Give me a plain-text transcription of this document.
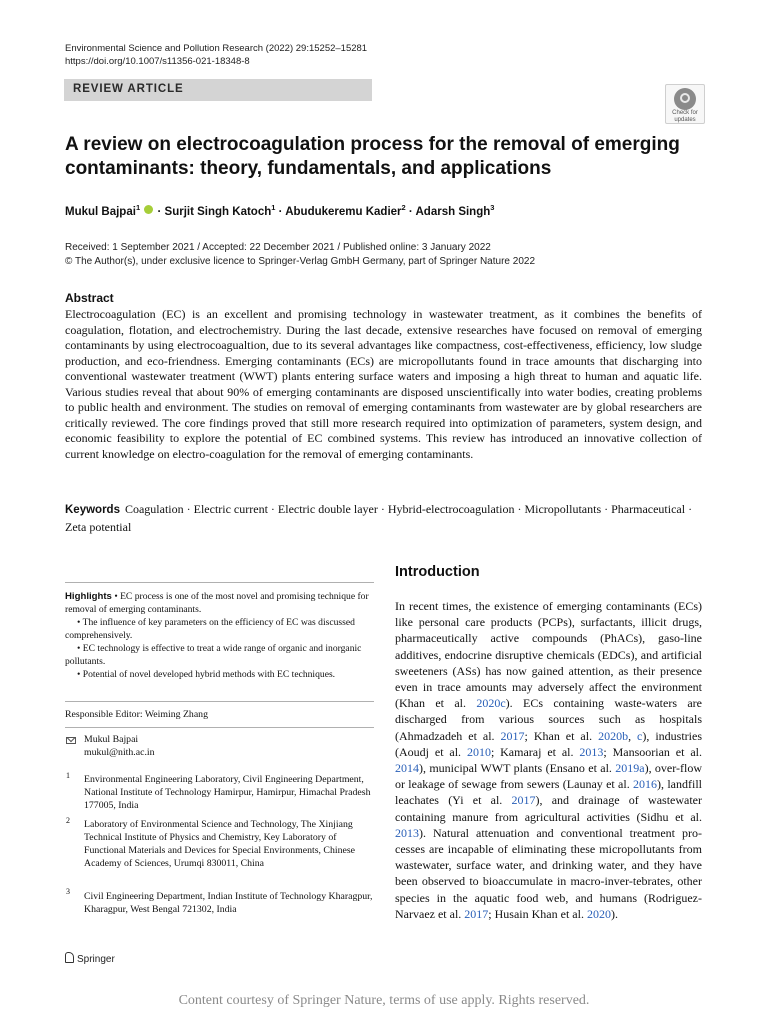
Environmental Science and Pollution Research (2022) 29:15252–15281
https://doi.org/10.1007/s11356-021-18348-8
REVIEW ARTICLE
Check for
updates
A review on electrocoagulation process for the removal of emerging
contaminants: theory, fundamentals, and applications
Mukul Bajpai$^1$  · Surjit Singh Katoch$^1$ · Abudukeremu Kadier$^2$ · Adarsh Singh$^3$
Received: 1 September 2021 / Accepted: 22 December 2021 / Published online: 3 January 2022
© The Author(s), under exclusive licence to Springer-Verlag GmbH Germany, part of Springer Nature 2022
Abstract
Electrocoagulation (EC) is an excellent and promising technology in wastewater treatment, as it combines the benefits of coagulation, flotation, and electrochemistry. During the last decade, extensive researches have focused on removal of emerging contaminants by using electrocoagualtion, due to its several advantages like compactness, cost-effectiveness, efficiency, low sludge production, and eco-friendness. Emerging contaminants (ECs) are micropollutants found in trace amounts that discharging into conventional wastewater treatment (WWT) plants entering surface waters and imposing a high threat to human and aquatic life. Various studies reveal that about 90% of emerging contaminants are disposed unscientifically into water bodies, creating problems to public health and environment. The studies on removal of emerging contaminants from wastewater are by global researchers are critically reviewed. The core findings proved that still more research required into optimization of parameters, system design, and economic feasibility to explore the potential of EC combined systems. This review has introduced an innovative collection of current knowledge on electro-coagulation for the removal of emerging contaminants.
Keywords Coagulation · Electric current · Electric double layer · Hybrid-electrocoagulation · Micropollutants · Pharmaceutical · Zeta potential

Highlights • EC process is one of the most novel and promising technique for removal of emerging contaminants.

• The influence of key parameters on the efficiency of EC was discussed comprehensively.

• EC technology is effective to treat a wide range of organic and inorganic pollutants.

• Potential of novel developed hybrid methods with EC techniques.

Responsible Editor: Weiming Zhang
Mukul Bajpai
mukul@nith.ac.in
1 Environmental Engineering Laboratory, Civil Engineering Department, National Institute of Technology Hamirpur, Hamirpur, Himachal Pradesh 177005, India
2 Laboratory of Environmental Science and Technology, The Xinjiang Technical Institute of Physics and Chemistry, Key Laboratory of Functional Materials and Devices for Special Environments, Chinese Academy of Sciences, Urumqi 830011, China
3 Civil Engineering Department, Indian Institute of Technology Kharagpur, Kharagpur, West Bengal 721302, India
Springer
Introduction
In recent times, the existence of emerging contaminants (ECs) like personal care products (PCPs), surfactants, illicit drugs, pharmaceutically active compounds (PhACs), gaso-line additives, endocrine disruptive chemicals (EDCs), and artificial sweeteners (ASs) has now gained attention, as their presence even in trace amounts may adversely affect the environment (Khan et al. 2020c). ECs containing waste-waters are discharged from various sources such as hospitals (Ahmadzadeh et al. 2017; Khan et al. 2020b, c), industries (Aoudj et al. 2010; Kamaraj et al. 2013; Mansoorian et al. 2014), municipal WWT plants (Ensano et al. 2019a), over-flow or leakage of sewage from sewers (Launay et al. 2016), landfill leachates (Yi et al. 2017), and drainage of wastewater containing manure from agricultural activities (Sidhu et al. 2013). Natural attenuation and conventional treatment pro-cesses are incapable of eliminating these micropollutants from wastewater, surface water, and drinking water, and they have been observed to bioaccumulate in macro-inver-tebrates, other species in the aquatic food web, and humans (Rodriguez-Narvaez et al. 2017; Husain Khan et al. 2020).
Content courtesy of Springer Nature, terms of use apply. Rights reserved.
